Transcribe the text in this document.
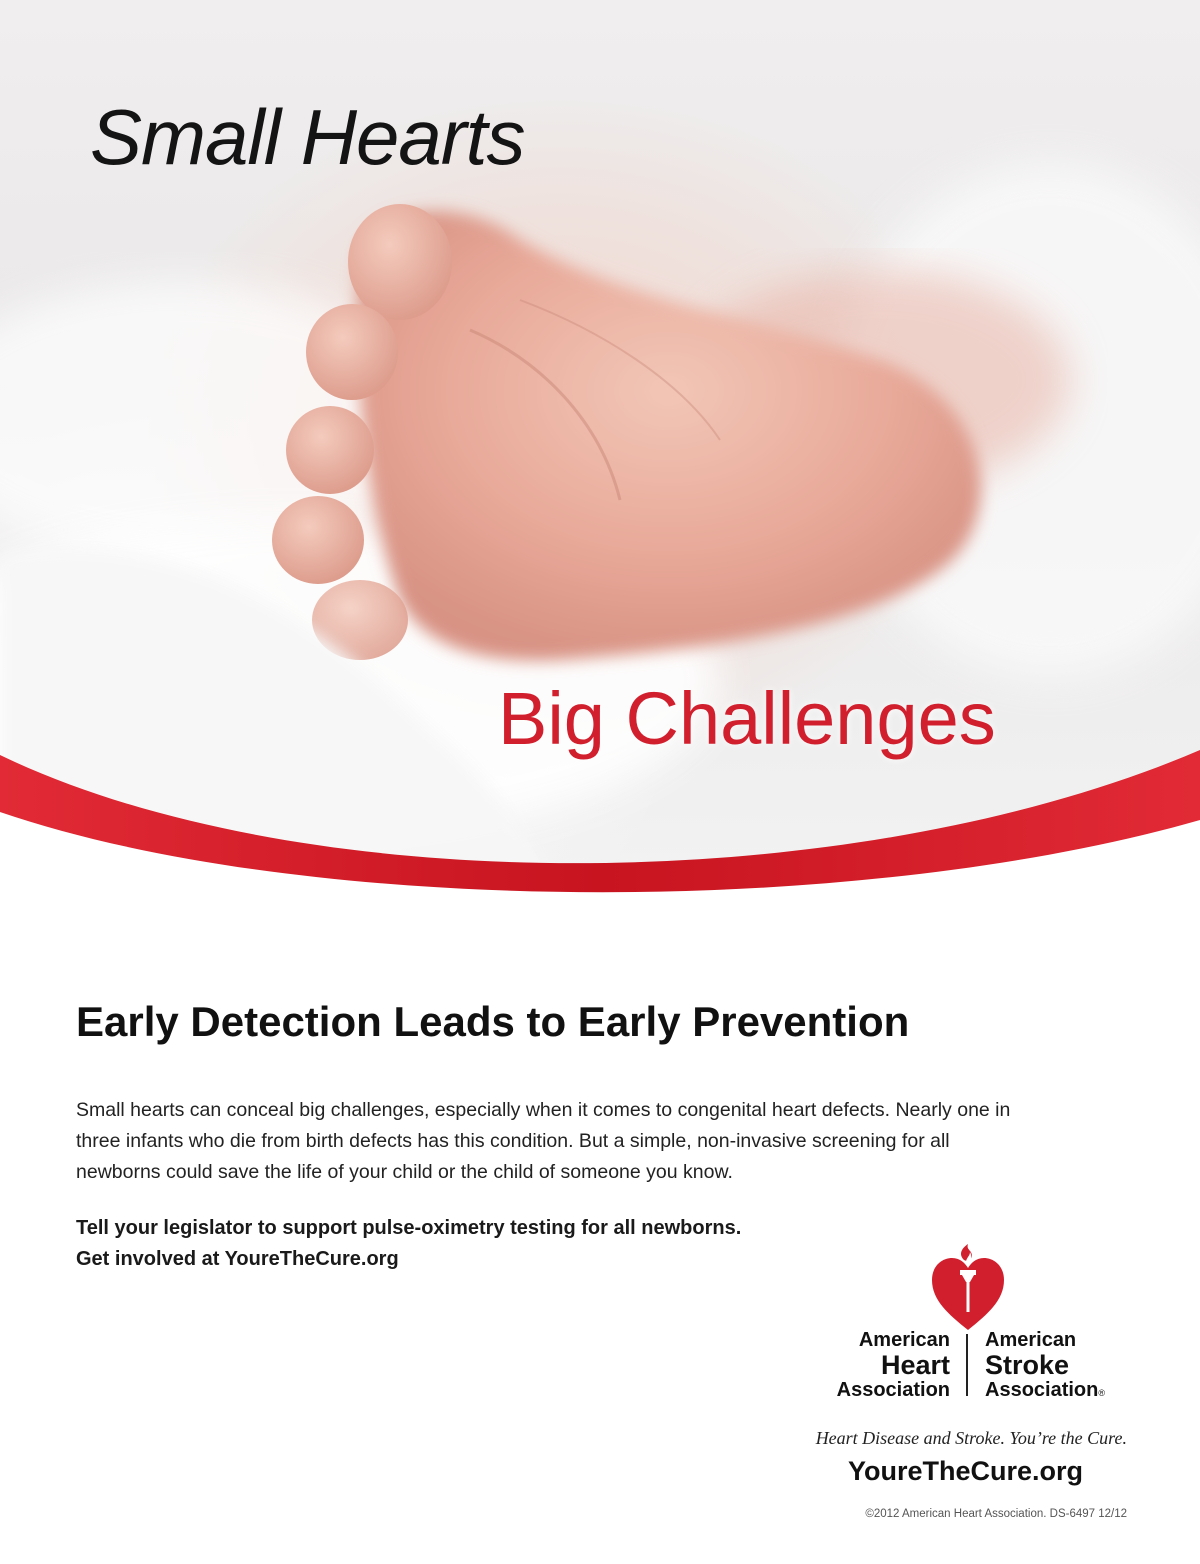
Small Hearts
Big Challenges
Early Detection Leads to Early Prevention

Small hearts can conceal big challenges, especially when it comes to congenital heart defects. Nearly one in three infants who die from birth defects has this condition. But a simple, non-invasive screening for all newborns could save the life of your child or the child of someone you know.

Tell your legislator to support pulse-oximetry testing for all newborns.
Get involved at YoureTheCure.org

American
Heart
Association
American
Stroke
Association®
Heart Disease and Stroke. You’re the Cure.
YoureTheCure.org
©2012 American Heart Association. DS-6497 12/12
